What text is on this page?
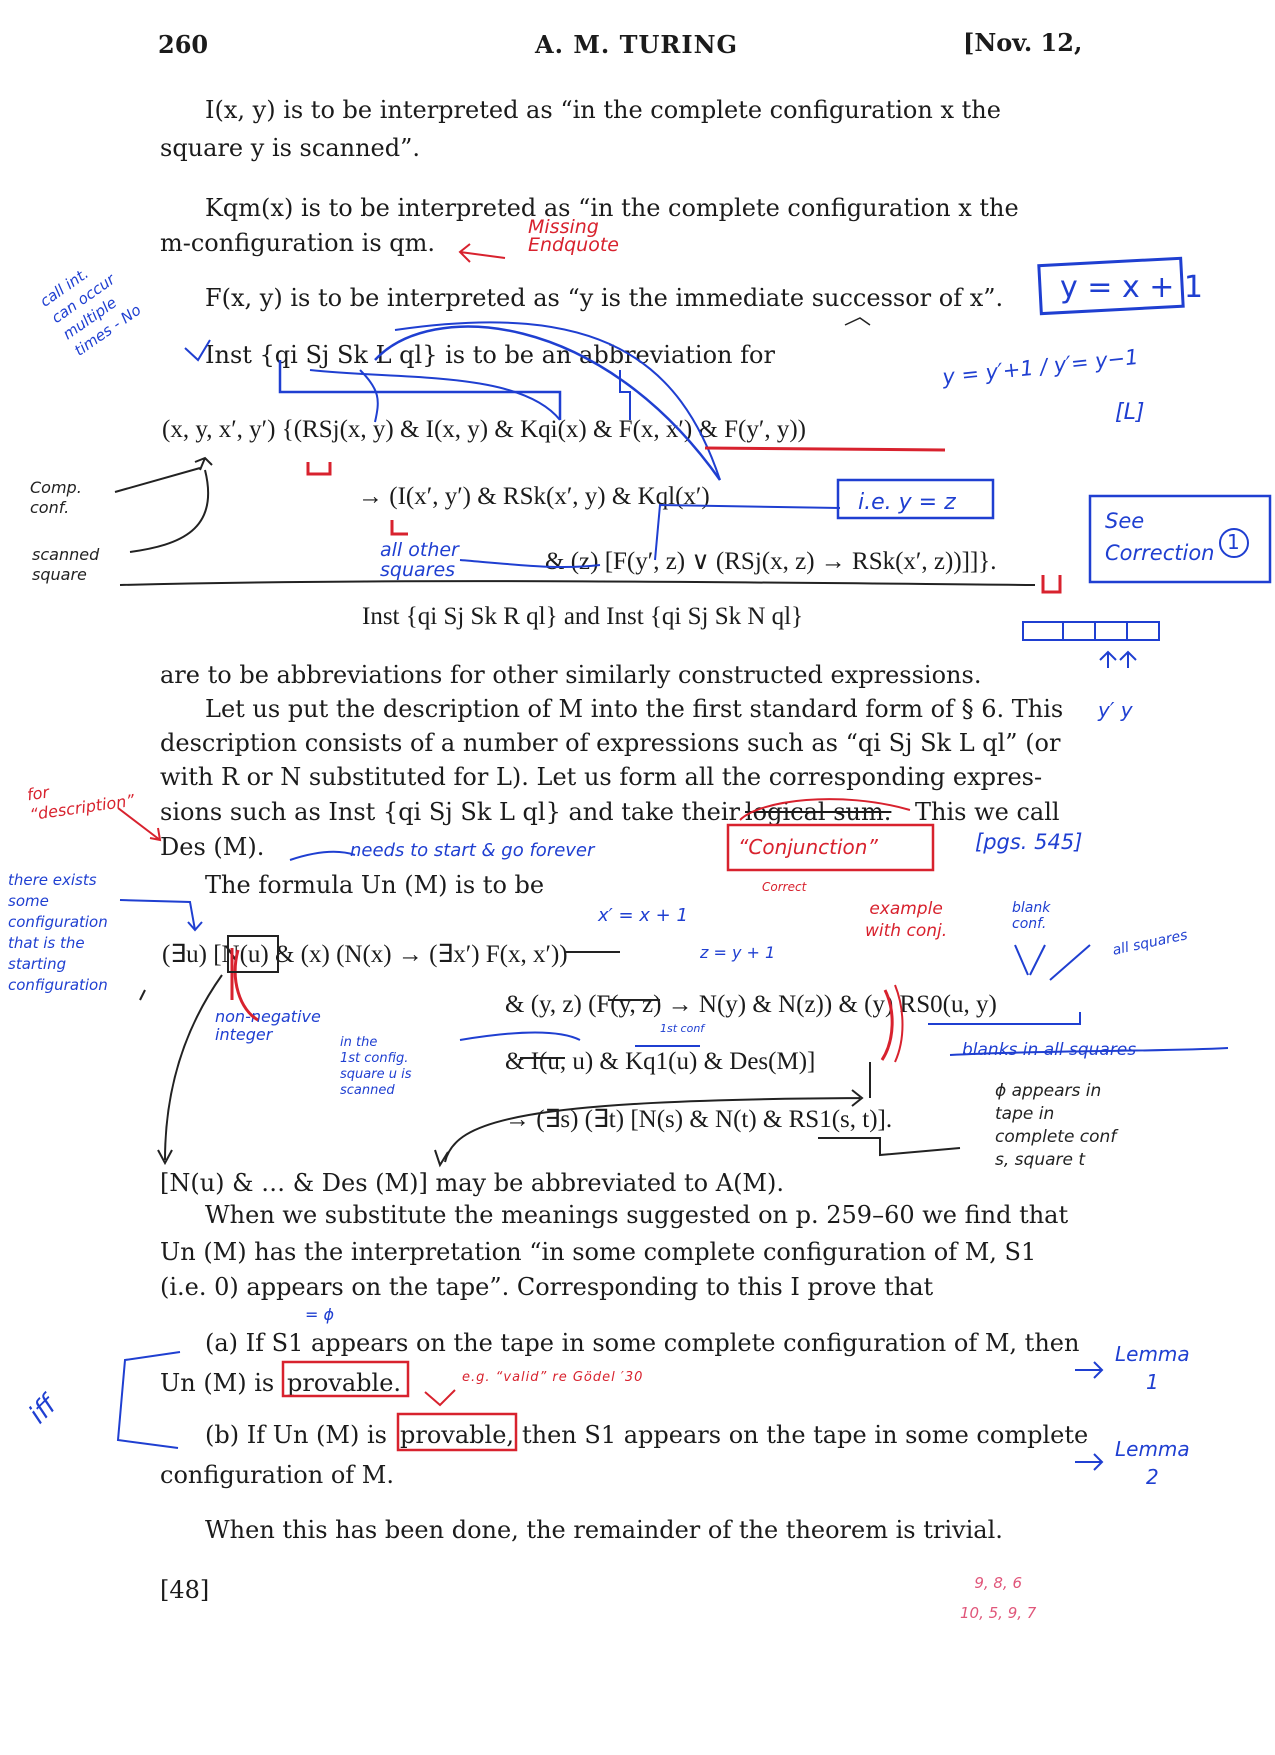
260	A. M. TURING	[Nov. 12,
I(x, y) is to be interpreted as “in the complete configuration x the
square y is scanned”.
Kqm(x) is to be interpreted as “in the complete configuration x the
m-configuration is qm.
F(x, y) is to be interpreted as “y is the immediate successor of x”.
Inst {qi Sj Sk L ql} is to be an abbreviation for
(x, y, x′, y′) {(RSj(x, y) & I(x, y) & Kqi(x) & F(x, x′) & F(y′, y))
→ (I(x′, y′) & RSk(x′, y) & Kql(x′)
& (z) [F(y′, z) ∨ (RSj(x, z) → RSk(x′, z))]]}.
Inst {qi Sj Sk R ql} and Inst {qi Sj Sk N ql}
are to be abbreviations for other similarly constructed expressions.
Let us put the description of M into the first standard form of § 6. This
description consists of a number of expressions such as “qi Sj Sk L ql” (or
with R or N substituted for L). Let us form all the corresponding expres-
sions such as Inst {qi Sj Sk L ql} and take their logical sum. This we call
Des (M).
The formula Un (M) is to be
(∃u) [N(u) & (x) (N(x) → (∃x′) F(x, x′))
& (y, z) (F(y, z) → N(y) & N(z)) & (y) RS0(u, y)
& I(u, u) & Kq1(u) & Des(M)]
→ (∃s) (∃t) [N(s) & N(t) & RS1(s, t)].
[N(u) & … & Des (M)] may be abbreviated to A(M).
When we substitute the meanings suggested on p. 259–60 we find that
Un (M) has the interpretation “in some complete configuration of M, S1
(i.e. 0) appears on the tape”. Corresponding to this I prove that
(a) If S1 appears on the tape in some complete configuration of M, then
Un (M) is provable.
(b) If Un (M) is provable, then S1 appears on the tape in some complete
configuration of M.
When this has been done, the remainder of the theorem is trivial.
[48]
Missing
Endquote
y = x + 1
call int.
can occur
multiple
times - No
y = y′+1 / y′= y−1
[L]
Comp.
conf.
scanned
square
i.e. y = z
See
Correction 1
all other
squares
y′ y
for
“description”
needs to start & go forever	“Conjunction”
Correct
[pgs. 545]
there exists
some
configuration
that is the
starting
configuration
x′ = x + 1
z = y + 1
example
with conj.
blank
conf.
all squares
non-negative
integer	1st conf
in the
1st config.
square u is
scanned
blanks in all squares
ϕ appears in
tape in
complete conf
s, square t
= ϕ
e.g. “valid” re Gödel ′30
iff
Lemma
1
Lemma
2
9, 8, 6
10, 5, 9, 7
